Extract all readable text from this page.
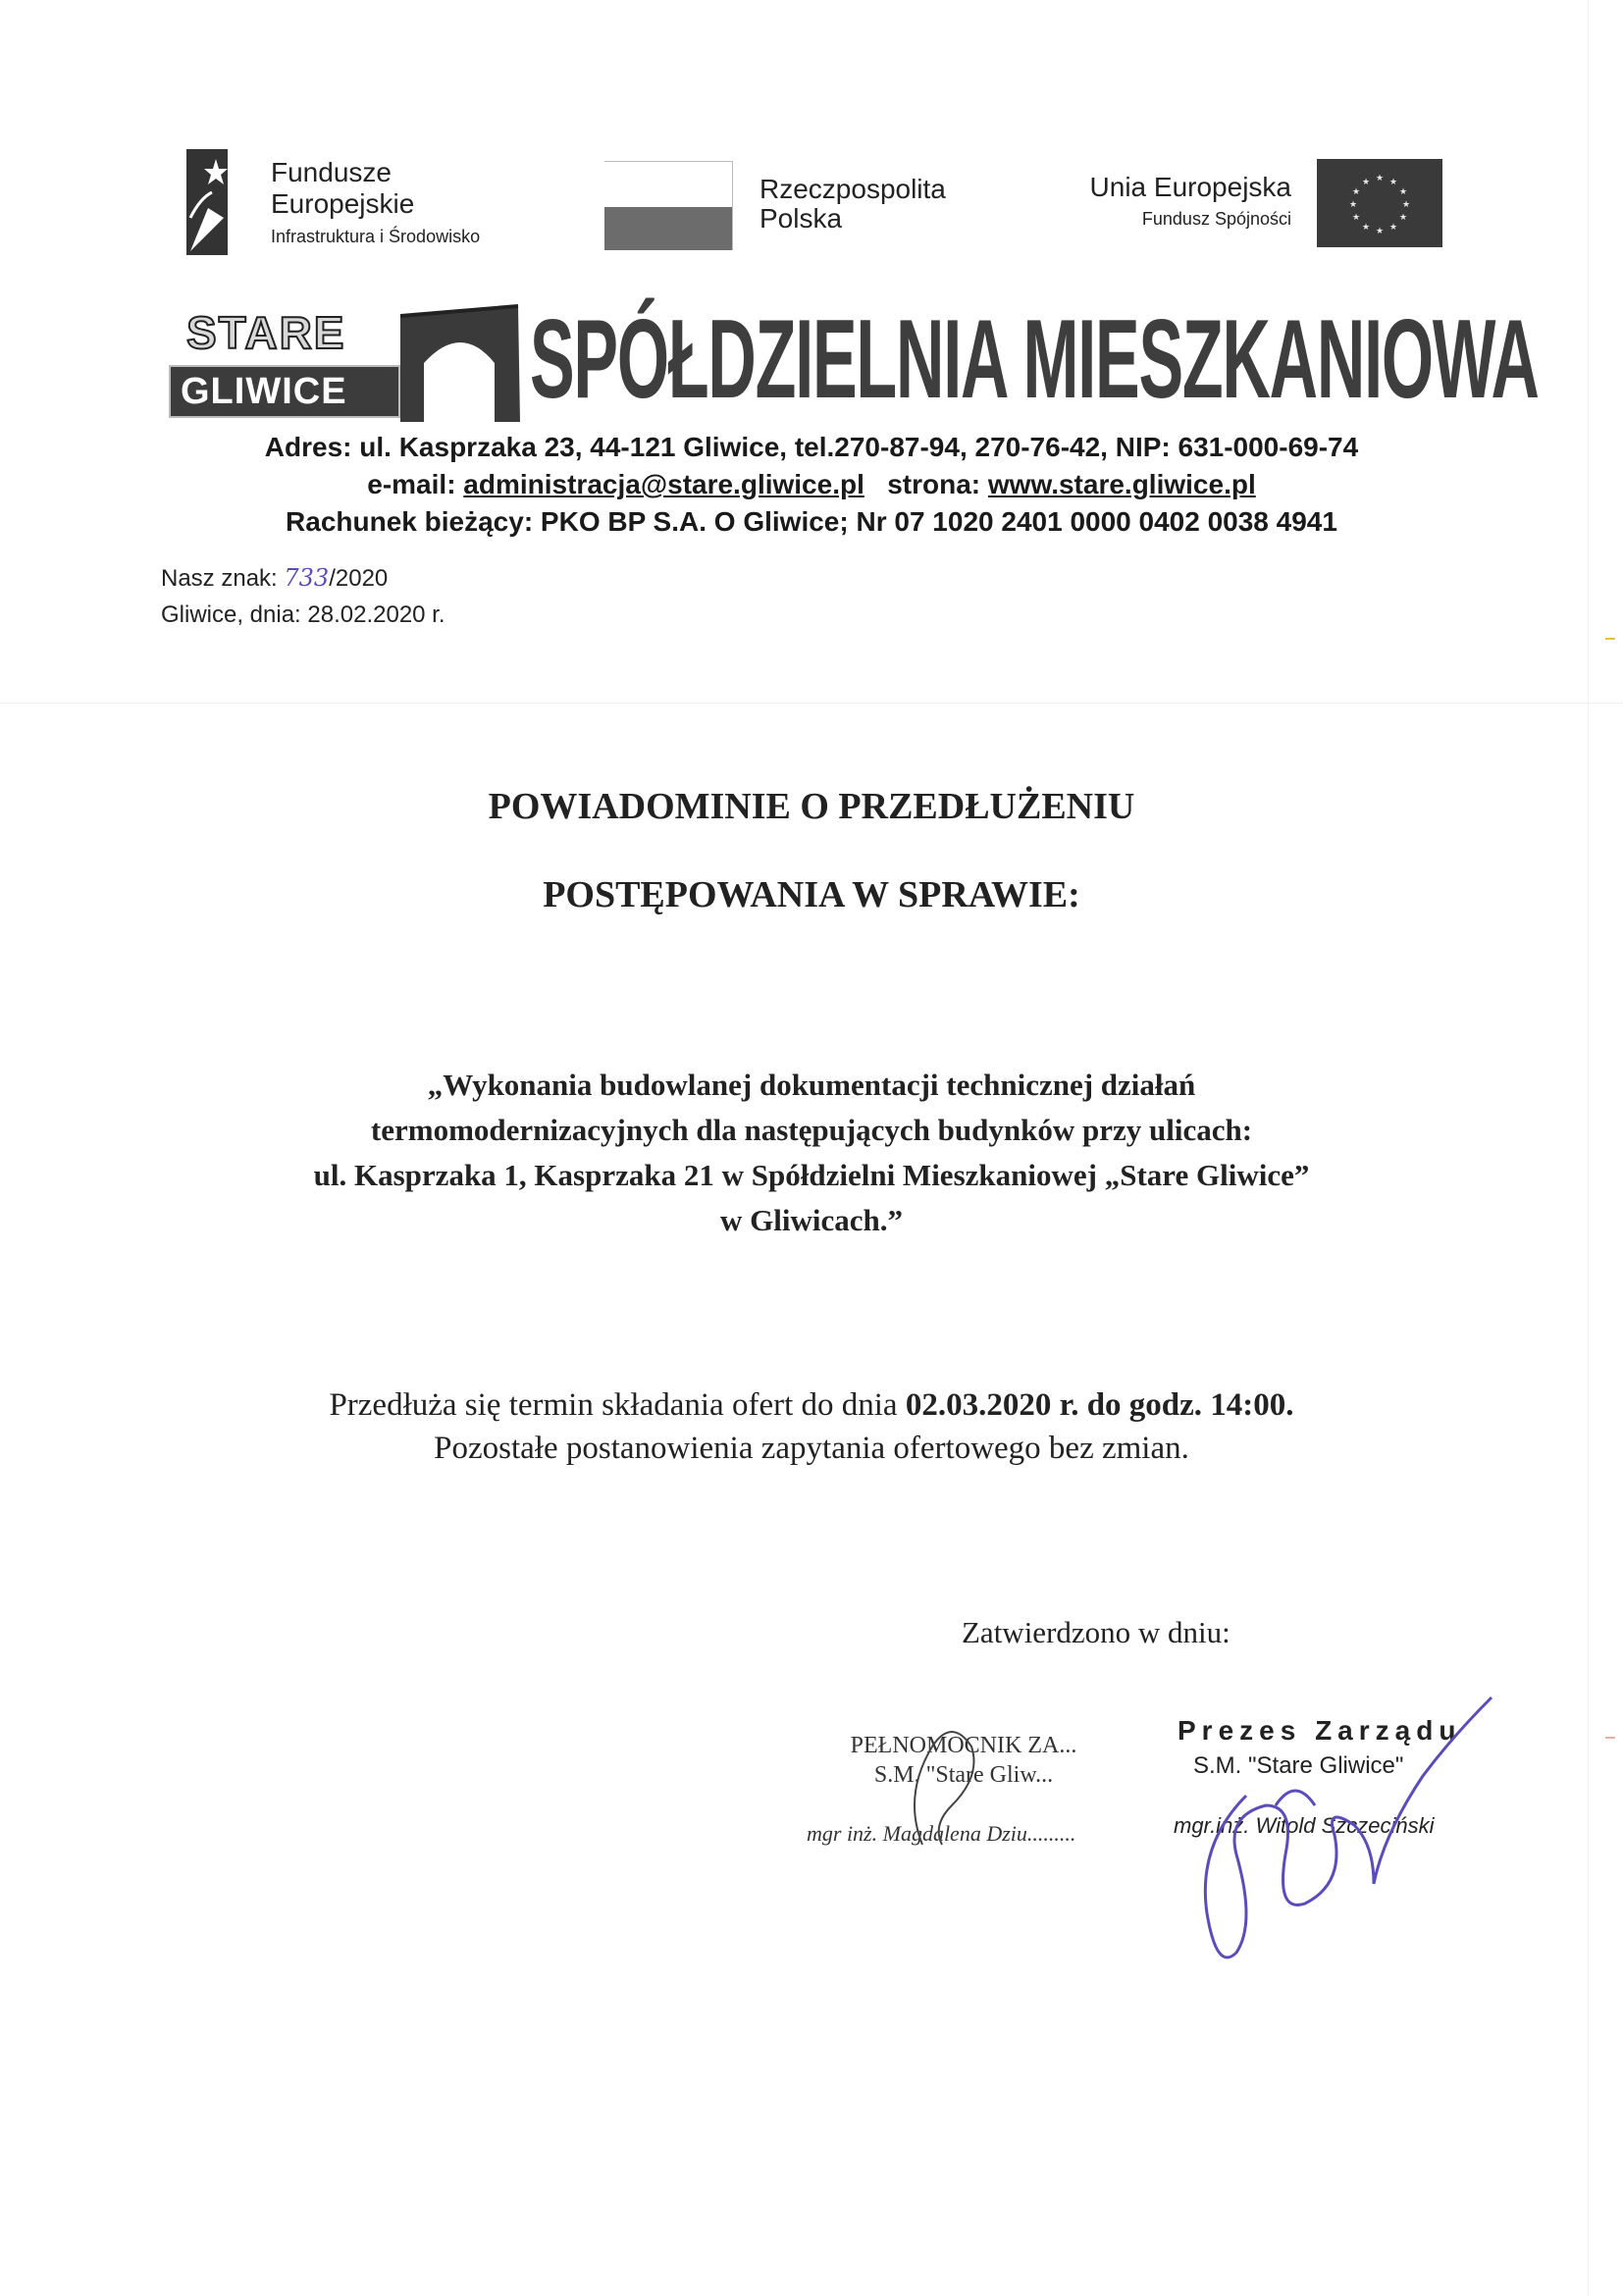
Fundusze
Europejskie
Infrastruktura i Środowisko
Rzeczpospolita
Polska
Unia Europejska
Fundusz Spójności
★ ★
★
★
★
★
★
★
★
★
★
★
STARE
GLIWICE SPÓŁDZIELNIA MIESZKANIOWA
Adres: ul. Kasprzaka 23, 44-121 Gliwice, tel.270-87-94, 270-76-42, NIP: 631-000-69-74
e-mail: administracja@stare.gliwice.pl strona: www.stare.gliwice.pl
Rachunek bieżący: PKO BP S.A. O Gliwice; Nr 07 1020 2401 0000 0402 0038 4941
Nasz znak: 733/2020
Gliwice, dnia: 28.02.2020 r.
POWIADOMINIE O PRZEDŁUŻENIU
POSTĘPOWANIA W SPRAWIE:
„Wykonania budowlanej dokumentacji technicznej działań
termomodernizacyjnych dla następujących budynków przy ulicach:
ul. Kasprzaka 1, Kasprzaka 21 w Spółdzielni Mieszkaniowej „Stare Gliwice”
w Gliwicach.”
Przedłuża się termin składania ofert do dnia 02.03.2020 r. do godz. 14:00.
Pozostałe postanowienia zapytania ofertowego bez zmian.
Zatwierdzono w dniu:
PEŁNOMOCNIK ZA...
S.M. "Stare Gliw...
mgr inż. Magdalena Dziu.........
Prezes Zarządu
S.M. "Stare Gliwice"
mgr.inż. Witold Szczeciński
